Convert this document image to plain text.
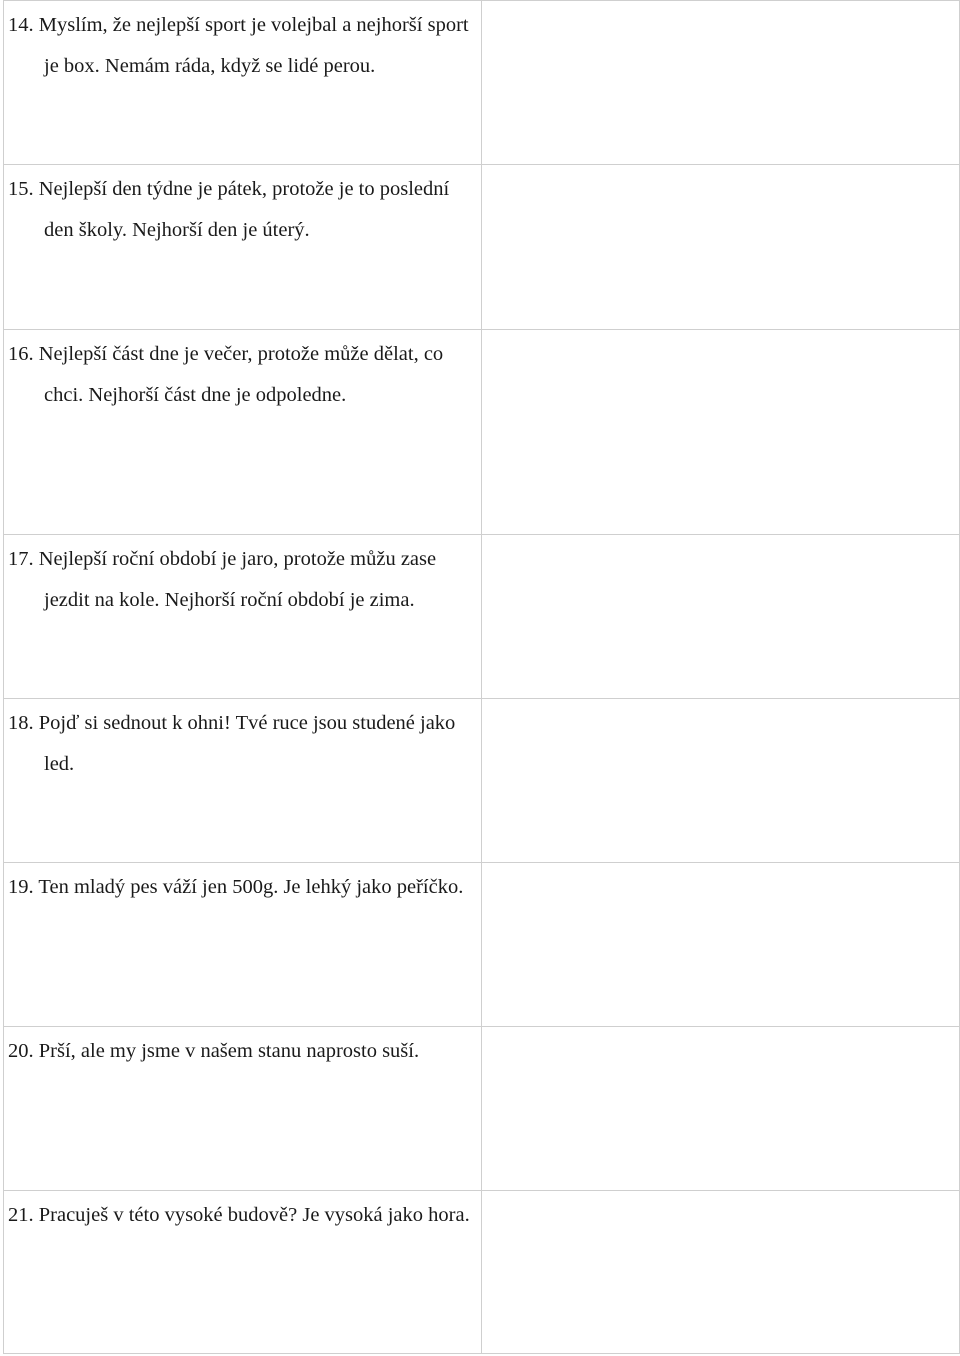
14. Myslím, že nejlepší sport je volejbal a nejhorší sport je box. Nemám ráda, když se lidé perou.	

15. Nejlepší den týdne je pátek, protože je to poslední den školy. Nejhorší den je úterý.	

16. Nejlepší část dne je večer, protože může dělat, co chci. Nejhorší část dne je odpoledne.	

17. Nejlepší roční období je jaro, protože můžu zase jezdit na kole. Nejhorší roční období je zima.	

18. Pojď si sednout k ohni! Tvé ruce jsou studené jako led.	

19. Ten mladý pes váží jen 500g. Je lehký jako peříčko.	

20. Prší, ale my jsme v našem stanu naprosto suší.	

21. Pracuješ v této vysoké budově? Je vysoká jako hora.	
